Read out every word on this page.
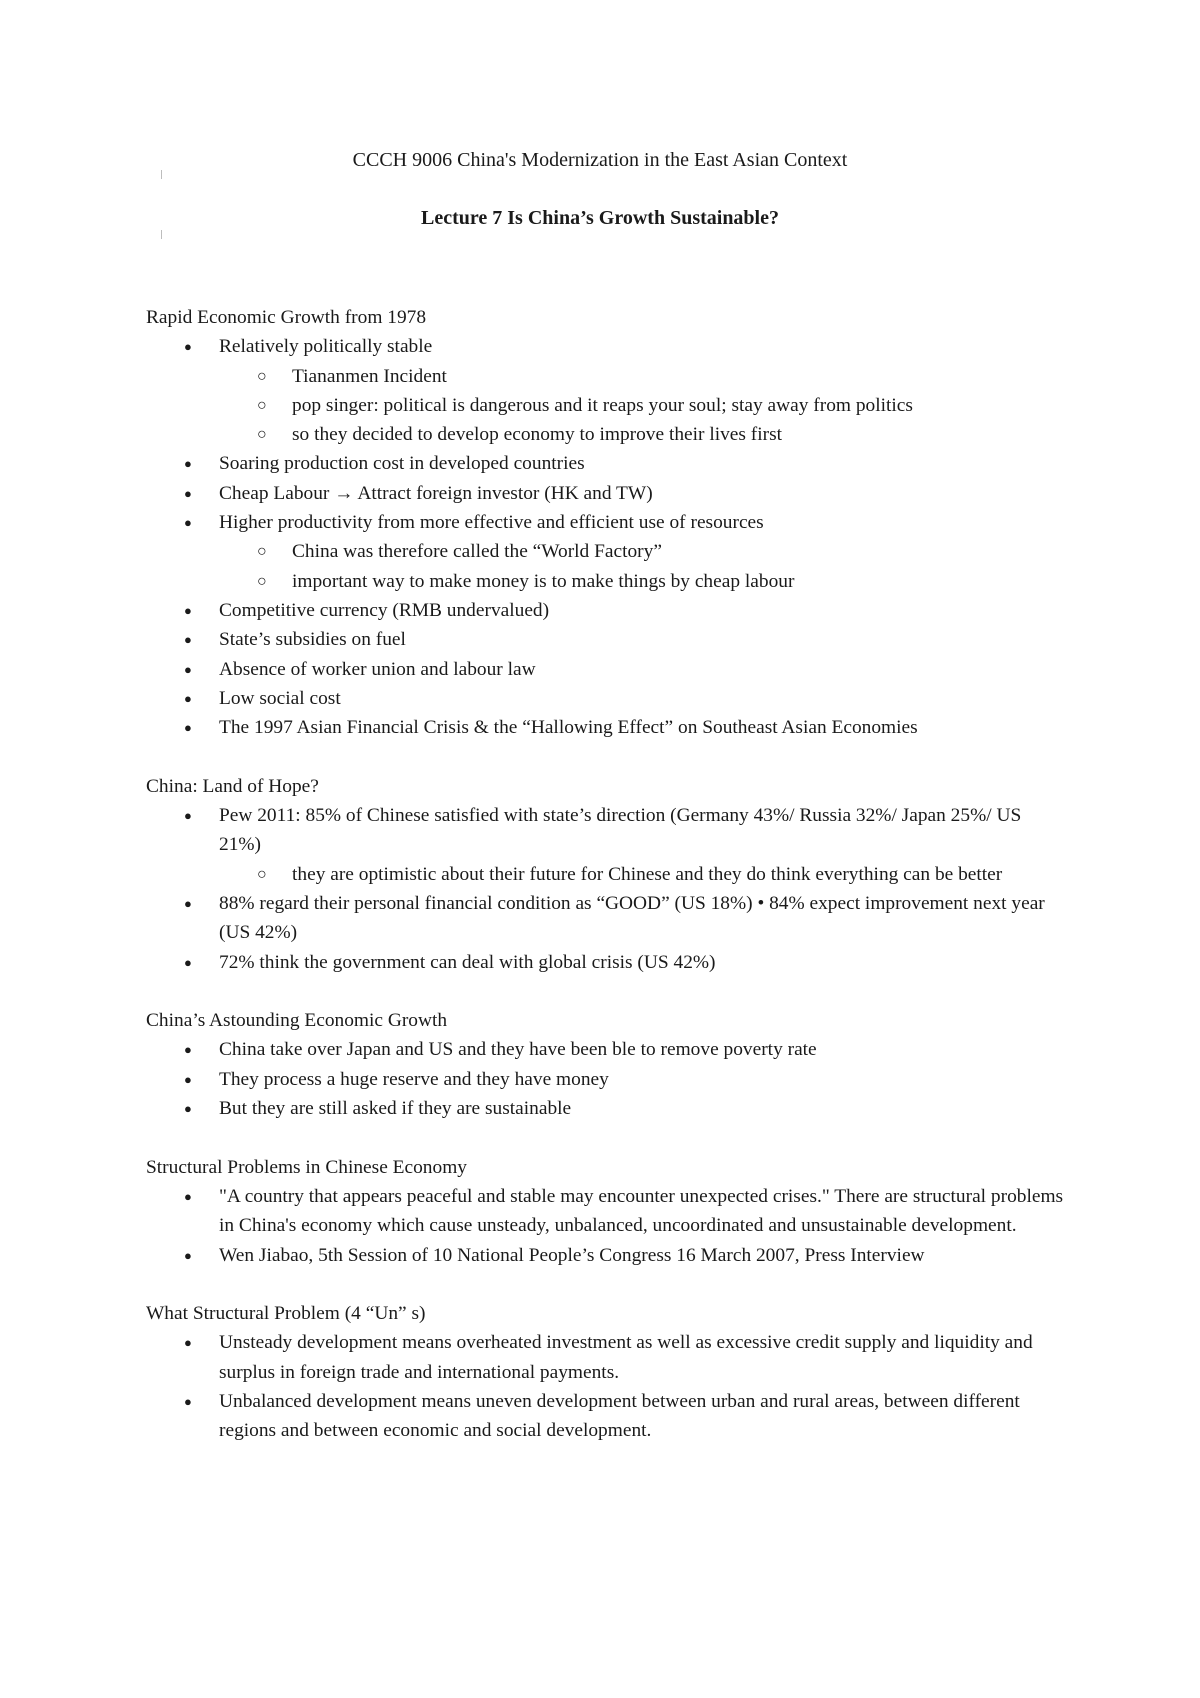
CCCH 9006 China's Modernization in the East Asian Context
Lecture 7 Is China’s Growth Sustainable?
Rapid Economic Growth from 1978
● Relatively politically stable
○ Tiananmen Incident
○ pop singer: political is dangerous and it reaps your soul; stay away from politics
○ so they decided to develop economy to improve their lives first
● Soaring production cost in developed countries
● Cheap Labour → Attract foreign investor (HK and TW)
● Higher productivity from more effective and efficient use of resources
○ China was therefore called the “World Factory”
○ important way to make money is to make things by cheap labour
● Competitive currency (RMB undervalued)
● State’s subsidies on fuel
● Absence of worker union and labour law
● Low social cost
● The 1997 Asian Financial Crisis & the “Hallowing Effect” on Southeast Asian Economies
China: Land of Hope?
● Pew 2011: 85% of Chinese satisfied with state’s direction (Germany 43%/ Russia 32%/ Japan 25%/ US 21%)
○ they are optimistic about their future for Chinese and they do think everything can be better
● 88% regard their personal financial condition as “GOOD” (US 18%) • 84% expect improvement next year (US 42%)
● 72% think the government can deal with global crisis (US 42%)
China’s Astounding Economic Growth
● China take over Japan and US and they have been ble to remove poverty rate
● They process a huge reserve and they have money
● But they are still asked if they are sustainable
Structural Problems in Chinese Economy
● "A country that appears peaceful and stable may encounter unexpected crises." There are structural problems in China's economy which cause unsteady, unbalanced, uncoordinated and unsustainable development.
● Wen Jiabao, 5th Session of 10 National People’s Congress 16 March 2007, Press Interview
What Structural Problem (4 “Un” s)
● Unsteady development means overheated investment as well as excessive credit supply and liquidity and surplus in foreign trade and international payments.
● Unbalanced development means uneven development between urban and rural areas, between different regions and between economic and social development.
